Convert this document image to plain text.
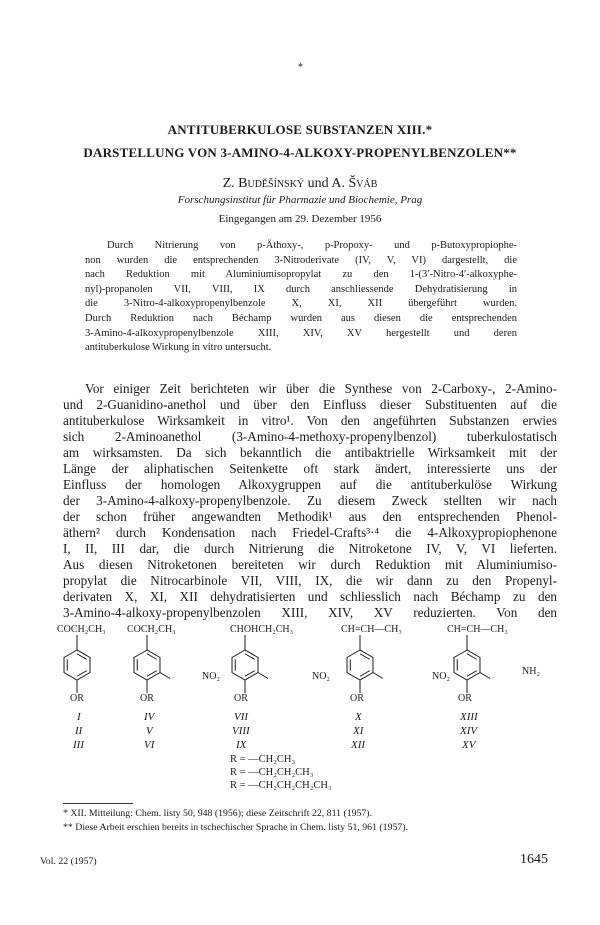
*
ANTITUBERKULOSE SUBSTANZEN XIII.*
DARSTELLUNG VON 3-AMINO-4-ALKOXY-PROPENYLBENZOLEN**
Z. Budĕšínský und A. Šváb
Forschungsinstitut für Pharmazie und Biochemie, Prag
Eingegangen am 29. Dezember 1956
Durch Nitrierung von p-Äthoxy-, p-Propoxy- und p-Butoxypropiophe-
non wurden die entsprechenden 3-Nitroderivate (IV, V, VI) dargestellt, die
nach Reduktion mit Aluminiumisopropylat zu den 1-(3′-Nitro-4′-alkoxyphe-
nyl)-propanolen VII, VIII, IX durch anschliessende Dehydratisierung in
die 3-Nitro-4-alkoxypropenylbenzole X, XI, XII übergeführt wurden.
Durch Reduktion nach Béchamp wurden aus diesen die entsprechenden
3-Amino-4-alkoxypropenylbenzole XIII, XIV, XV hergestellt und deren
antituberkulose Wirkung in vitro untersucht.
Vor einiger Zeit berichteten wir über die Synthese von 2-Carboxy-, 2-Amino-
und 2-Guanidino-anethol und über den Einfluss dieser Substituenten auf die
antituberkulose Wirksamkeit in vitro¹. Von den angeführten Substanzen erwies
sich 2-Aminoanethol (3-Amino-4-methoxy-propenylbenzol) tuberkulostatisch
am wirksamsten. Da sich bekanntlich die antibaktrielle Wirksamkeit mit der
Länge der aliphatischen Seitenkette oft stark ändert, interessierte uns der
Einfluss der homologen Alkoxygruppen auf die antituberkulöse Wirkung
der 3-Amino-4-alkoxy-propenylbenzole. Zu diesem Zweck stellten wir nach
der schon früher angewandten Methodik¹ aus den entsprechenden Phenol-
äthern² durch Kondensation nach Friedel-Crafts³·⁴ die 4-Alkoxypropiophenone
I, II, III dar, die durch Nitrierung die Nitroketone IV, V, VI lieferten.
Aus diesen Nitroketonen bereiteten wir durch Reduktion mit Aluminiumiso-
propylat die Nitrocarbinole VII, VIII, IX, die wir dann zu den Propenyl-
derivaten X, XI, XII dehydratisierten und schliesslich nach Béchamp zu den
3-Amino-4-alkoxy-propenylbenzolen XIII, XIV, XV reduzierten. Von den
COCH₂CH₃ COCH₂CH₃	CHOHCH₂CH₃	CH=CH—CH₃	CH=CH—CH₃
NO₂	NO₂	NO₂	NH₂
OR	OR	OR	OR	OR
I
II
III
IV
V
VI
VII
VIII
IX
X
XI
XII
XIII
XIV
XV
R = —CH₂CH₃
R = —CH₂CH₂CH₃
R = —CH₂CH₂CH₂CH₃
* XII. Mitteilung: Chem. listy 50, 948 (1956); diese Zeitschrift 22, 811 (1957).
** Diese Arbeit erschien bereits in tschechischer Sprache in Chem. listy 51, 961 (1957).
Vol. 22 (1957)	1645
